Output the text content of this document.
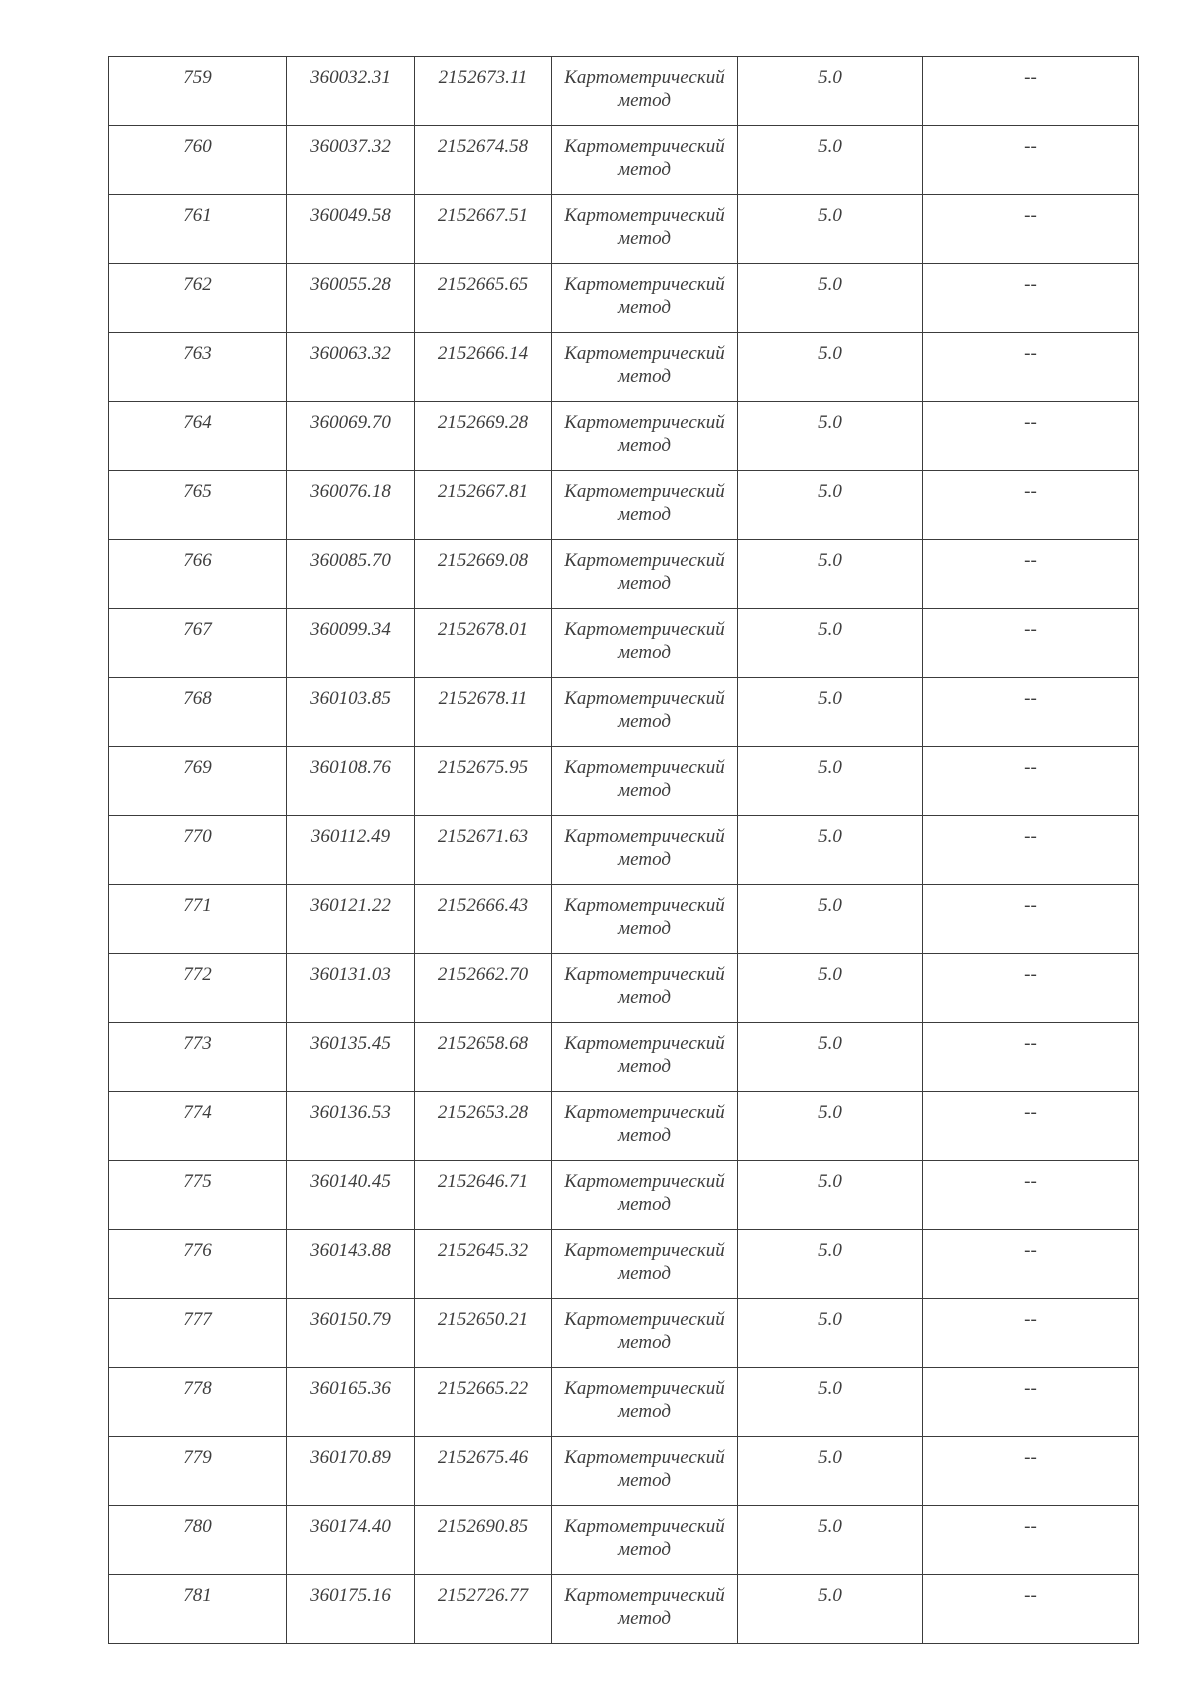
759	360032.31	2152673.11	Картометрический
метод	5.0	--

760	360037.32	2152674.58	Картометрический
метод	5.0	--

761	360049.58	2152667.51	Картометрический
метод	5.0	--

762	360055.28	2152665.65	Картометрический
метод	5.0	--

763	360063.32	2152666.14	Картометрический
метод	5.0	--

764	360069.70	2152669.28	Картометрический
метод	5.0	--

765	360076.18	2152667.81	Картометрический
метод	5.0	--

766	360085.70	2152669.08	Картометрический
метод	5.0	--

767	360099.34	2152678.01	Картометрический
метод	5.0	--

768	360103.85	2152678.11	Картометрический
метод	5.0	--

769	360108.76	2152675.95	Картометрический
метод	5.0	--

770	360112.49	2152671.63	Картометрический
метод	5.0	--

771	360121.22	2152666.43	Картометрический
метод	5.0	--

772	360131.03	2152662.70	Картометрический
метод	5.0	--

773	360135.45	2152658.68	Картометрический
метод	5.0	--

774	360136.53	2152653.28	Картометрический
метод	5.0	--

775	360140.45	2152646.71	Картометрический
метод	5.0	--

776	360143.88	2152645.32	Картометрический
метод	5.0	--

777	360150.79	2152650.21	Картометрический
метод	5.0	--

778	360165.36	2152665.22	Картометрический
метод	5.0	--

779	360170.89	2152675.46	Картометрический
метод	5.0	--

780	360174.40	2152690.85	Картометрический
метод	5.0	--

781	360175.16	2152726.77	Картометрический
метод	5.0	--
